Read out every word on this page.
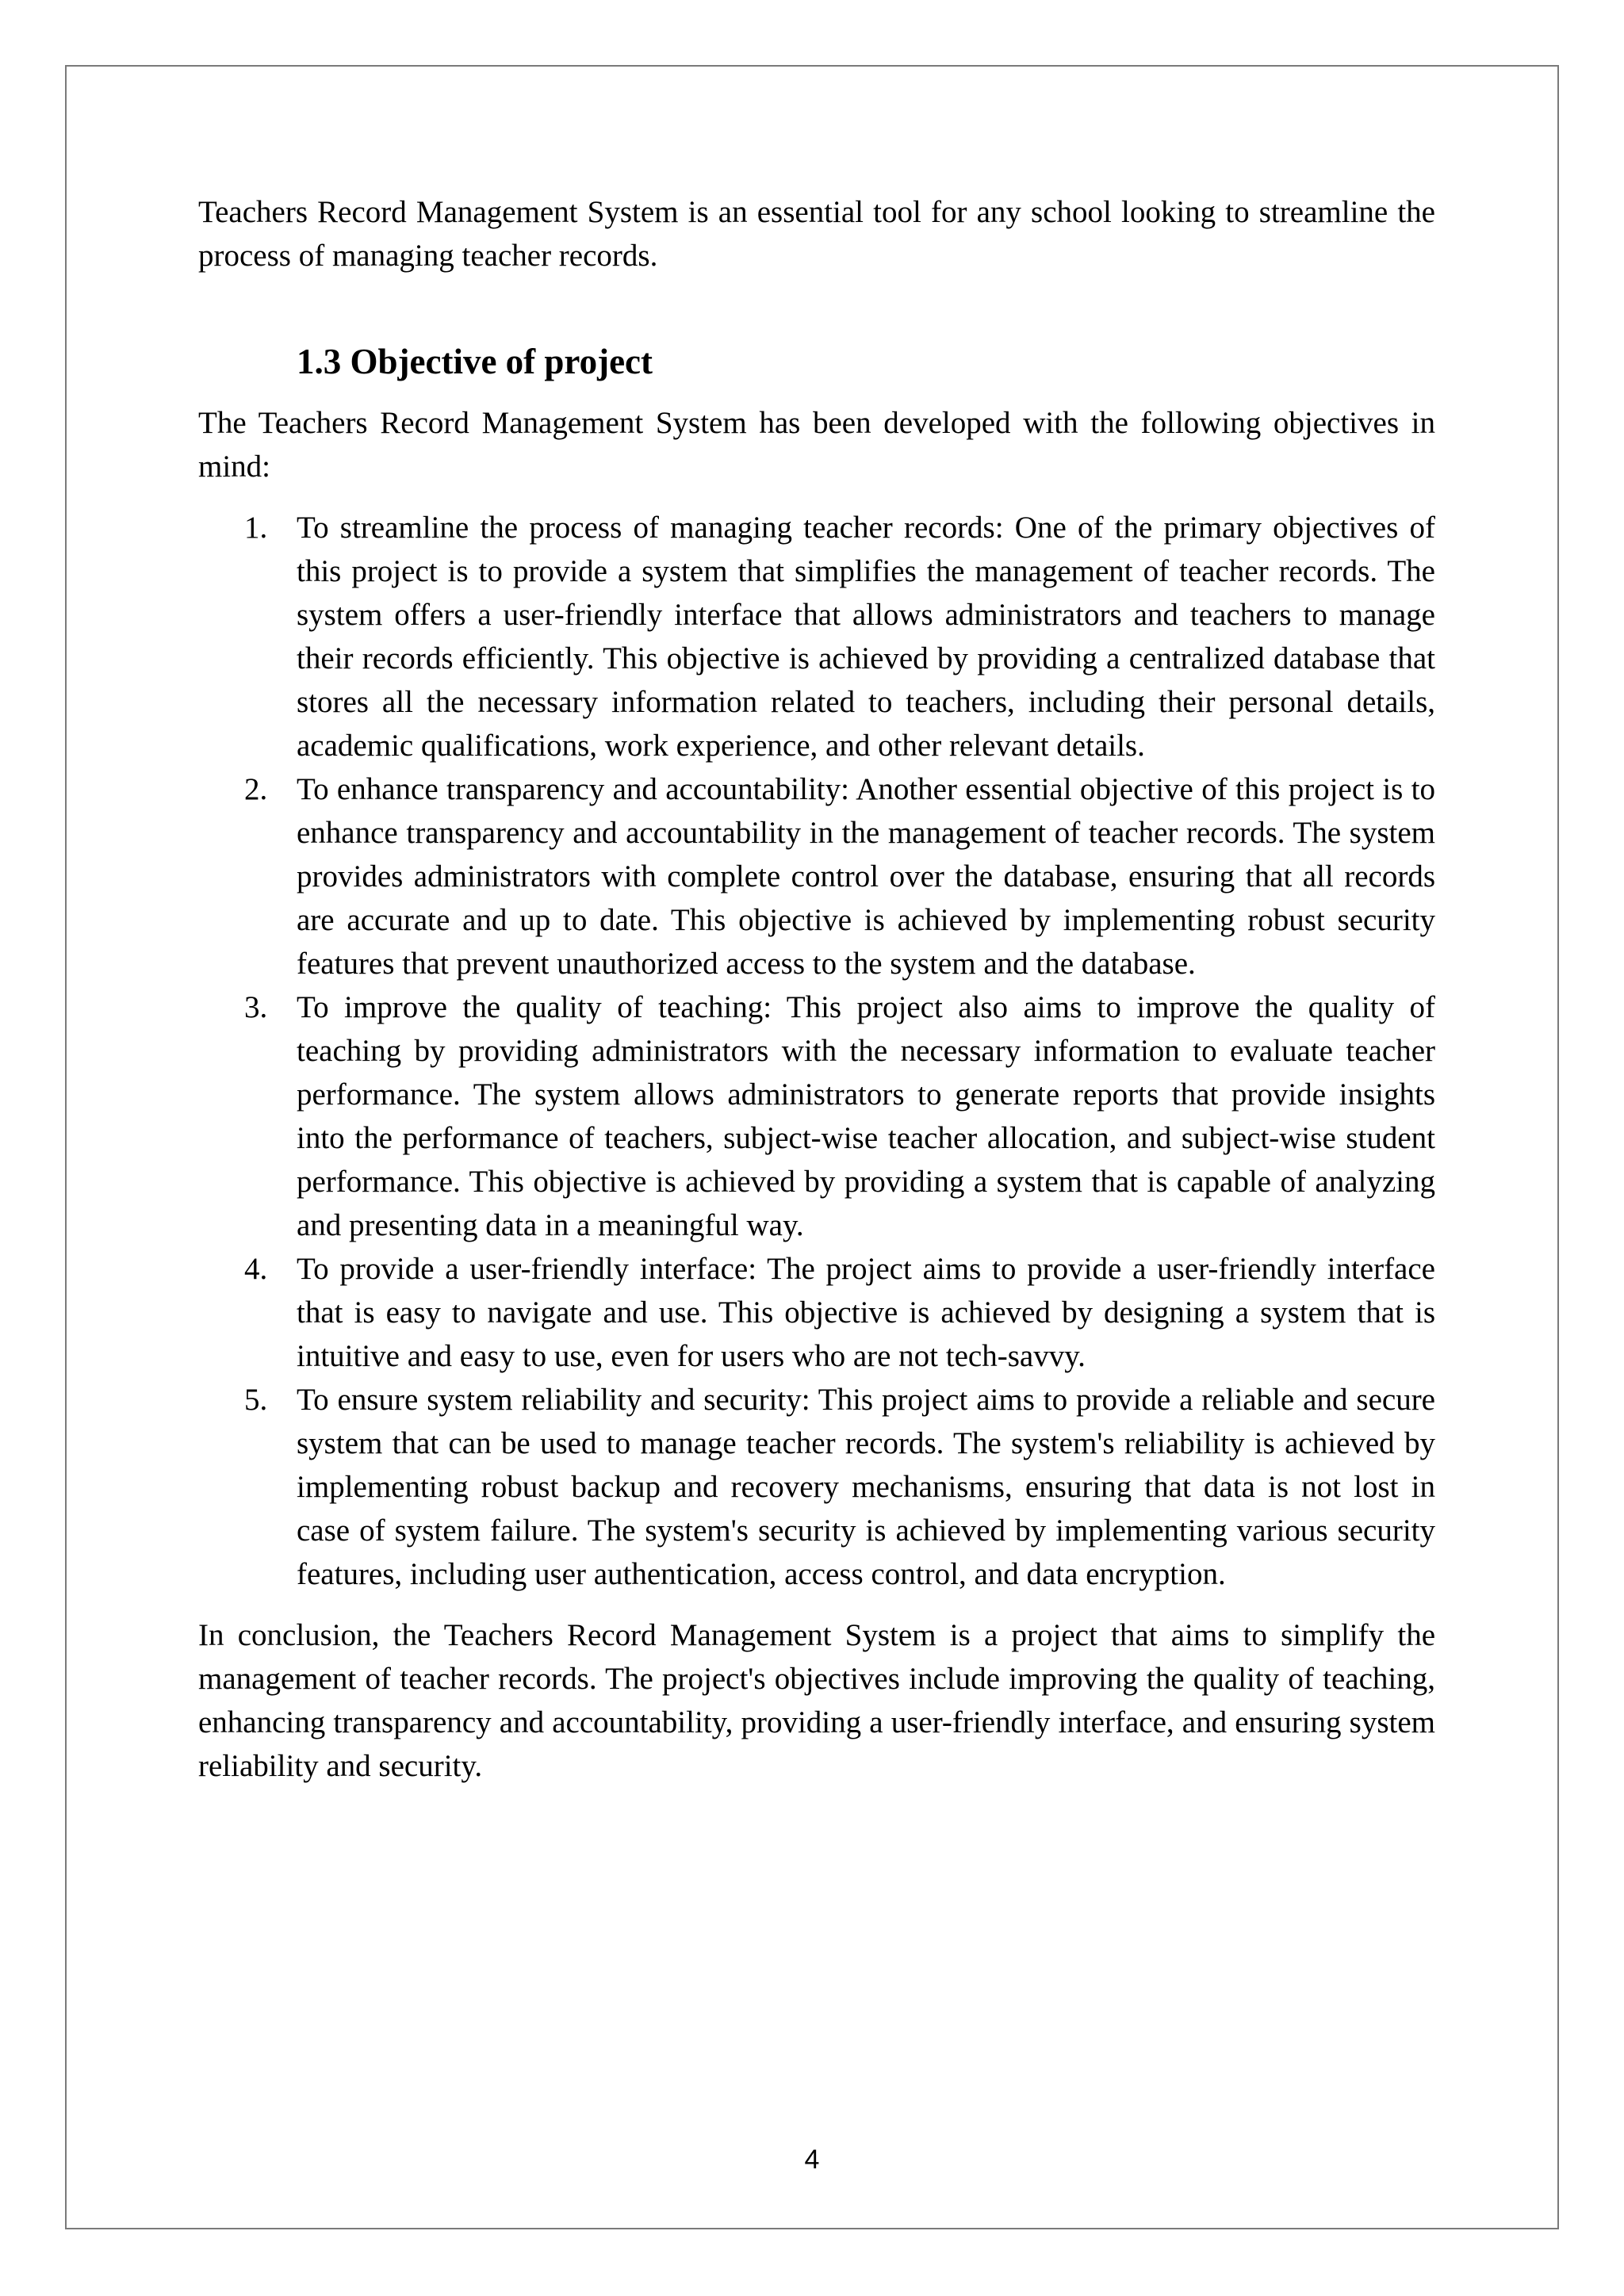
Teachers Record Management System is an essential tool for any school looking to streamline the process of managing teacher records.

1.3 Objective of project

The Teachers Record Management System has been developed with the following objectives in mind:

1. To streamline the process of managing teacher records: One of the primary objectives of this project is to provide a system that simplifies the management of teacher records. The system offers a user-friendly interface that allows administrators and teachers to manage their records efficiently. This objective is achieved by providing a centralized database that stores all the necessary information related to teachers, including their personal details, academic qualifications, work experience, and other relevant details.
2. To enhance transparency and accountability: Another essential objective of this project is to enhance transparency and accountability in the management of teacher records. The system provides administrators with complete control over the database, ensuring that all records are accurate and up to date. This objective is achieved by implementing robust security features that prevent unauthorized access to the system and the database.
3. To improve the quality of teaching: This project also aims to improve the quality of teaching by providing administrators with the necessary information to evaluate teacher performance. The system allows administrators to generate reports that provide insights into the performance of teachers, subject-wise teacher allocation, and subject-wise student performance. This objective is achieved by providing a system that is capable of analyzing and presenting data in a meaningful way.
4. To provide a user-friendly interface: The project aims to provide a user-friendly interface that is easy to navigate and use. This objective is achieved by designing a system that is intuitive and easy to use, even for users who are not tech-savvy.
5. To ensure system reliability and security: This project aims to provide a reliable and secure system that can be used to manage teacher records. The system's reliability is achieved by implementing robust backup and recovery mechanisms, ensuring that data is not lost in case of system failure. The system's security is achieved by implementing various security features, including user authentication, access control, and data encryption.

In conclusion, the Teachers Record Management System is a project that aims to simplify the management of teacher records. The project's objectives include improving the quality of teaching, enhancing transparency and accountability, providing a user-friendly interface, and ensuring system reliability and security.

4
